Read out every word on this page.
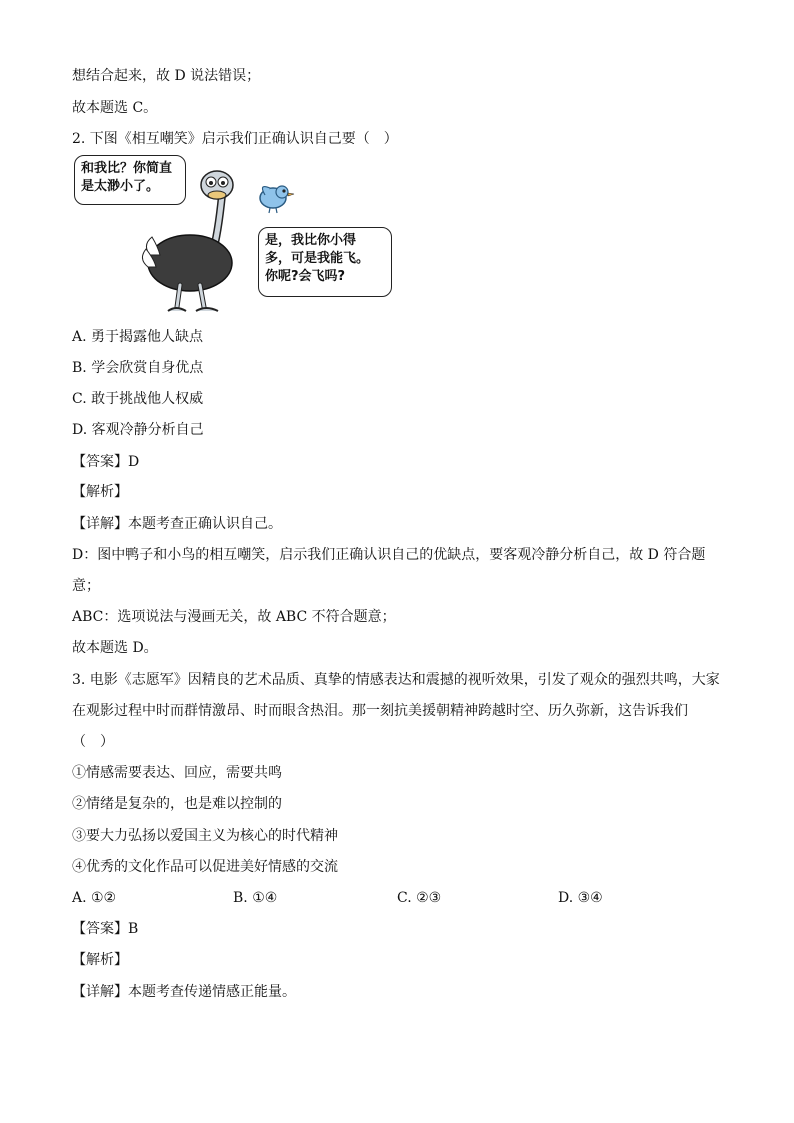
想结合起来，故 D 说法错误；
故本题选 C。
2. 下图《相互嘲笑》启示我们正确认识自己要（　）
和我比？你简直
是太渺小了。
是，我比你小得
多，可是我能飞。
你呢?会飞吗?
A. 勇于揭露他人缺点
B. 学会欣赏自身优点
C. 敢于挑战他人权威
D. 客观冷静分析自己
【答案】D
【解析】
【详解】本题考查正确认识自己。
D：图中鸭子和小鸟的相互嘲笑，启示我们正确认识自己的优缺点，要客观冷静分析自己，故 D 符合题
意；
ABC：选项说法与漫画无关，故 ABC 不符合题意；
故本题选 D。
3. 电影《志愿军》因精良的艺术品质、真挚的情感表达和震撼的视听效果，引发了观众的强烈共鸣，大家
在观影过程中时而群情激昂、时而眼含热泪。那一刻抗美援朝精神跨越时空、历久弥新，这告诉我们
（　）
①情感需要表达、回应，需要共鸣
②情绪是复杂的，也是难以控制的
③要大力弘扬以爱国主义为核心的时代精神
④优秀的文化作品可以促进美好情感的交流
A. ①②	B. ①④	C. ②③	D. ③④
【答案】B
【解析】
【详解】本题考查传递情感正能量。
